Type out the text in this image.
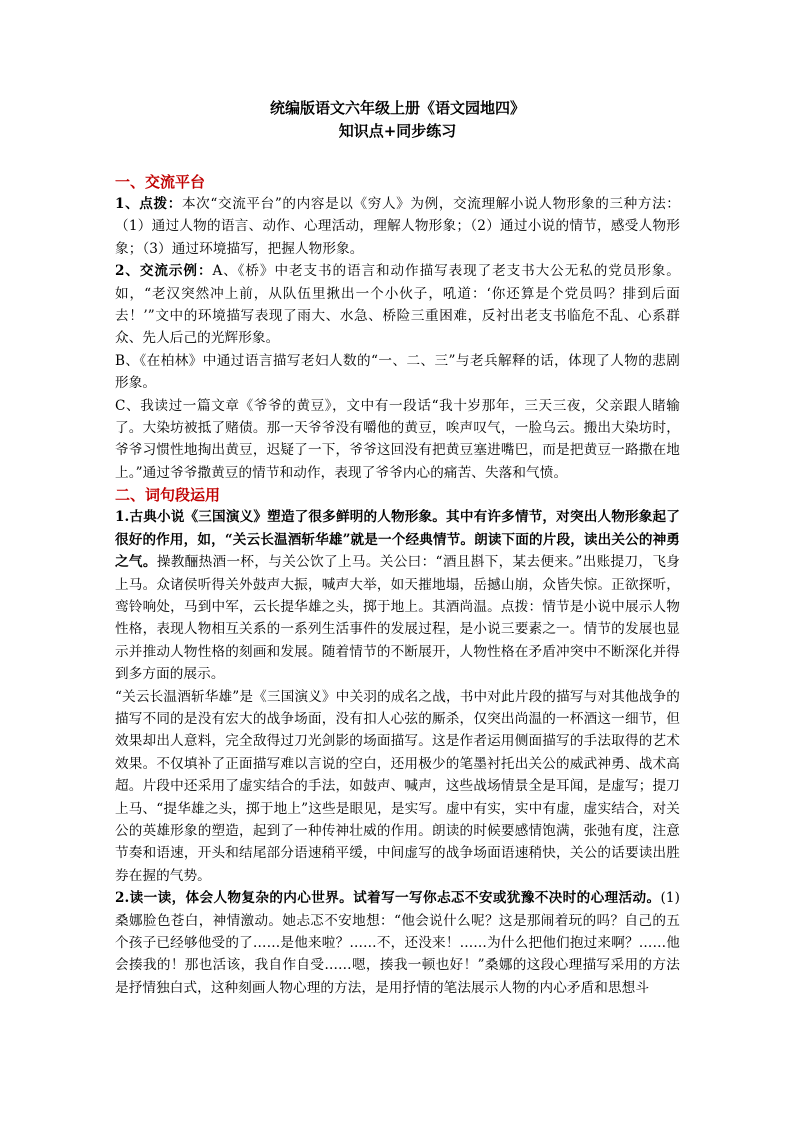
统编版语文六年级上册《语文园地四》
知识点+同步练习
一、交流平台

1、点拨：本次“交流平台”的内容是以《穷人》为例，交流理解小说人物形象的三种方法：（1）通过人物的语言、动作、心理活动，理解人物形象；（2）通过小说的情节，感受人物形象；（3）通过环境描写，把握人物形象。

2、交流示例：A、《桥》中老支书的语言和动作描写表现了老支书大公无私的党员形象。如，“老汉突然冲上前，从队伍里揪出一个小伙子，吼道：‘你还算是个党员吗？排到后面去！’”文中的环境描写表现了雨大、水急、桥险三重困难，反衬出老支书临危不乱、心系群众、先人后己的光辉形象。

B、《在柏林》中通过语言描写老妇人数的“一、二、三”与老兵解释的话，体现了人物的悲剧形象。

C、我读过一篇文章《爷爷的黄豆》，文中有一段话“我十岁那年，三天三夜，父亲跟人睹输了。大染坊被抵了赌债。那一天爷爷没有嚼他的黄豆，唉声叹气，一脸乌云。搬出大染坊时，爷爷习惯性地掏出黄豆，迟疑了一下，爷爷这回没有把黄豆塞进嘴巴，而是把黄豆一路撒在地上。”通过爷爷撒黄豆的情节和动作，表现了爷爷内心的痛苦、失落和气愤。

二、词句段运用

1.古典小说《三国演义》塑造了很多鲜明的人物形象。其中有许多情节，对突出人物形象起了很好的作用，如，“关云长温酒斩华雄”就是一个经典情节。朗读下面的片段，读出关公的神勇之气。操教酾热酒一杯，与关公饮了上马。关公曰：“酒且斟下，某去便来。”出账提刀，飞身上马。众诸侯听得关外鼓声大振，喊声大举，如天摧地塌，岳撼山崩，众皆失惊。正欲探听，鸾铃响处，马到中军，云长提华雄之头，掷于地上。其酒尚温。点拨：情节是小说中展示人物性格，表现人物相互关系的一系列生活事件的发展过程，是小说三要素之一。情节的发展也显示并推动人物性格的刻画和发展。随着情节的不断展开，人物性格在矛盾冲突中不断深化并得到多方面的展示。

“关云长温酒斩华雄”是《三国演义》中关羽的成名之战，书中对此片段的描写与对其他战争的描写不同的是没有宏大的战争场面，没有扣人心弦的厮杀，仅突出尚温的一杯酒这一细节，但效果却出人意料，完全敌得过刀光剑影的场面描写。这是作者运用侧面描写的手法取得的艺术效果。不仅填补了正面描写难以言说的空白，还用极少的笔墨衬托出关公的威武神勇、战术高超。片段中还采用了虚实结合的手法，如鼓声、喊声，这些战场情景全是耳闻，是虚写；提刀上马、“提华雄之头，掷于地上”这些是眼见，是实写。虚中有实，实中有虚，虚实结合，对关公的英雄形象的塑造，起到了一种传神壮威的作用。朗读的时候要感情饱满，张弛有度，注意节奏和语速，开头和结尾部分语速稍平缓，中间虚写的战争场面语速稍快，关公的话要读出胜券在握的气势。

2.读一读，体会人物复杂的内心世界。试着写一写你忐忑不安或犹豫不决时的心理活动。(1)桑娜脸色苍白，神情激动。她忐忑不安地想：“他会说什么呢？这是那闹着玩的吗？自己的五个孩子已经够他受的了……是他来啦？……不，还没来！……为什么把他们抱过来啊？……他会揍我的！那也活该，我自作自受……嗯，揍我一顿也好！”桑娜的这段心理描写采用的方法是抒情独白式，这种刻画人物心理的方法，是用抒情的笔法展示人物的内心矛盾和思想斗
